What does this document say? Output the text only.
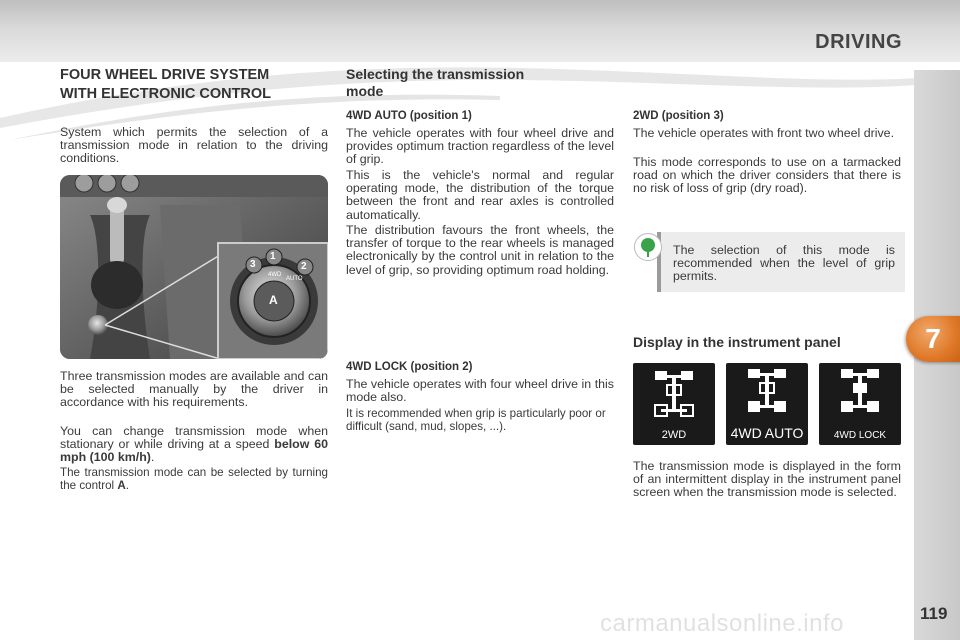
DRIVING
7
119
FOUR WHEEL DRIVE SYSTEM
WITH ELECTRONIC CONTROL
System which permits the selection of a transmission mode in relation to the driving conditions.
3
1
2
4WD
AUTO
A
Three transmission modes are available and can be selected manually by the driver in accordance with his requirements.
You can change transmission mode when stationary or while driving at a speed below 60 mph (100 km/h).
The transmission mode can be selected by turning the control A.
Selecting the transmission
mode
4WD AUTO (position 1)
The vehicle operates with four wheel drive and provides optimum traction regardless of the level of grip.
This is the vehicle's normal and regular operating mode, the distribution of the torque between the front and rear axles is controlled automatically.
The distribution favours the front wheels, the transfer of torque to the rear wheels is managed electronically by the control unit in relation to the level of grip, so providing optimum road holding.
4WD LOCK (position 2)
The vehicle operates with four wheel drive in this mode also.
It is recommended when grip is particularly poor or difficult (sand, mud, slopes, ...).
2WD (position 3)
The vehicle operates with front two wheel drive.
This mode corresponds to use on a tarmacked road on which the driver considers that there is no risk of loss of grip (dry road).
The selection of this mode is recommended when the level of grip permits.
Display in the instrument panel
2WD	4WD AUTO	4WD LOCK
The transmission mode is displayed in the form of an intermittent display in the instrument panel screen when the transmission mode is selected.
carmanualsonline.info
